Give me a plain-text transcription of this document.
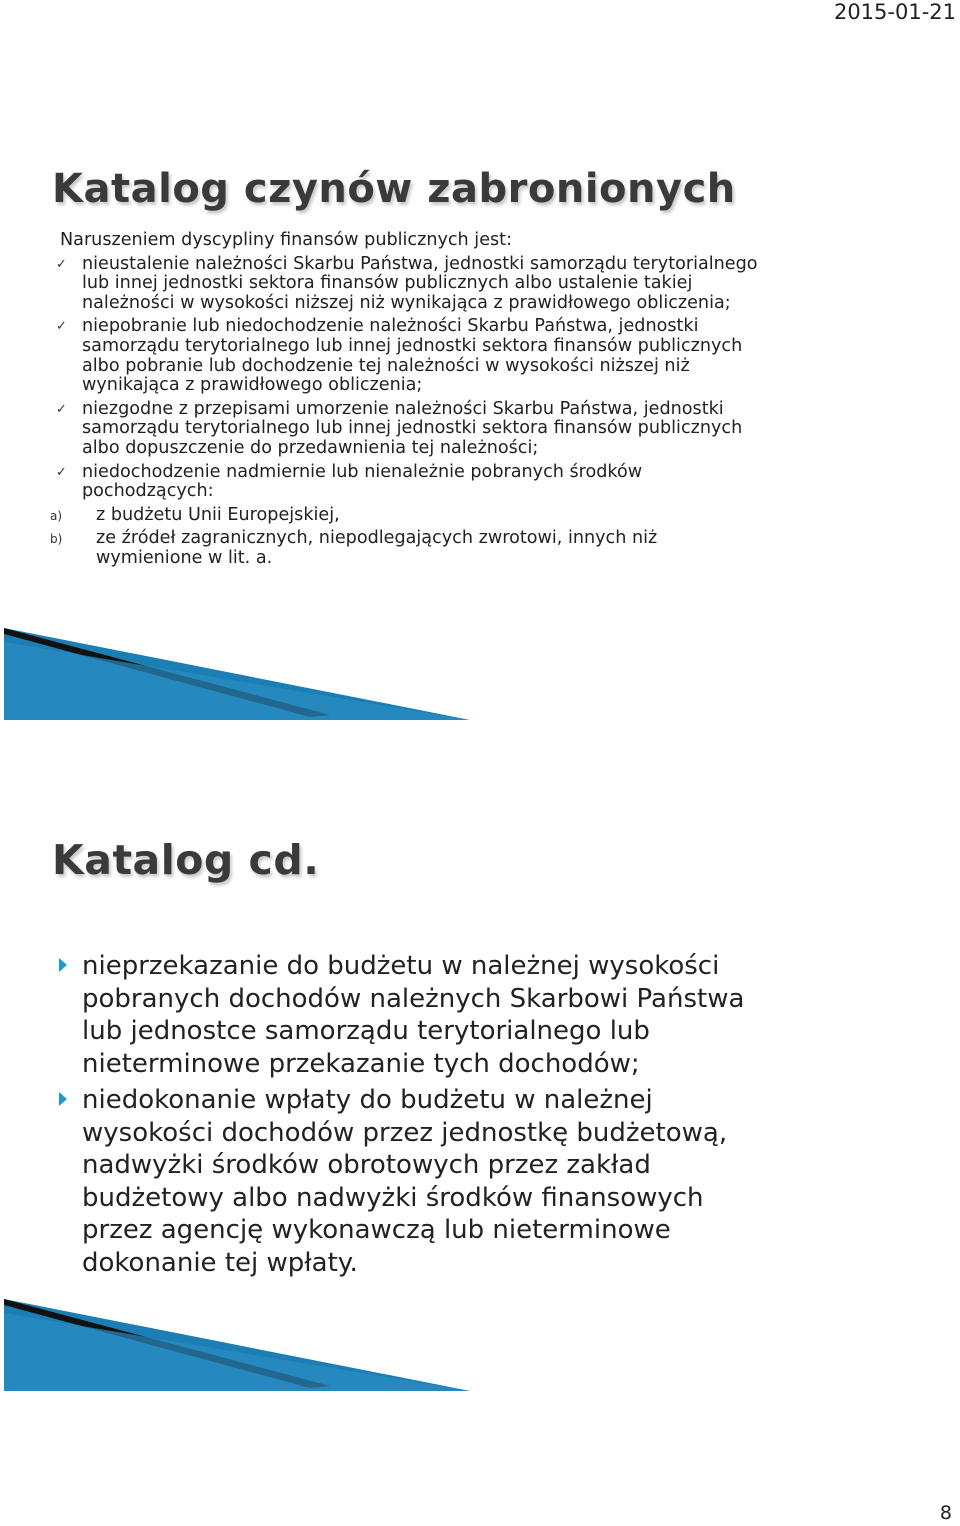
2015-01-21
Katalog czynów zabronionych

Naruszeniem dyscypliny finansów publicznych jest:

✓ nieustalenie należności Skarbu Państwa, jednostki samorządu terytorialnego lub innej jednostki sektora finansów publicznych albo ustalenie takiej należności w wysokości niższej niż wynikająca z prawidłowego obliczenia;
✓ niepobranie lub niedochodzenie należności Skarbu Państwa, jednostki samorządu terytorialnego lub innej jednostki sektora finansów publicznych albo pobranie lub dochodzenie tej należności w wysokości niższej niż wynikająca z prawidłowego obliczenia;
✓ niezgodne z przepisami umorzenie należności Skarbu Państwa, jednostki samorządu terytorialnego lub innej jednostki sektora finansów publicznych albo dopuszczenie do przedawnienia tej należności;
✓ niedochodzenie nadmiernie lub nienależnie pobranych środków pochodzących:
a) z budżetu Unii Europejskiej,
b) ze źródeł zagranicznych, niepodlegających zwrotowi, innych niż wymienione w lit. a.
Katalog cd.
nieprzekazanie do budżetu w należnej wysokości pobranych dochodów należnych Skarbowi Państwa lub jednostce samorządu terytorialnego lub nieterminowe przekazanie tych dochodów;
niedokonanie wpłaty do budżetu w należnej wysokości dochodów przez jednostkę budżetową, nadwyżki środków obrotowych przez zakład budżetowy albo nadwyżki środków finansowych przez agencję wykonawczą lub nieterminowe dokonanie tej wpłaty.
8
